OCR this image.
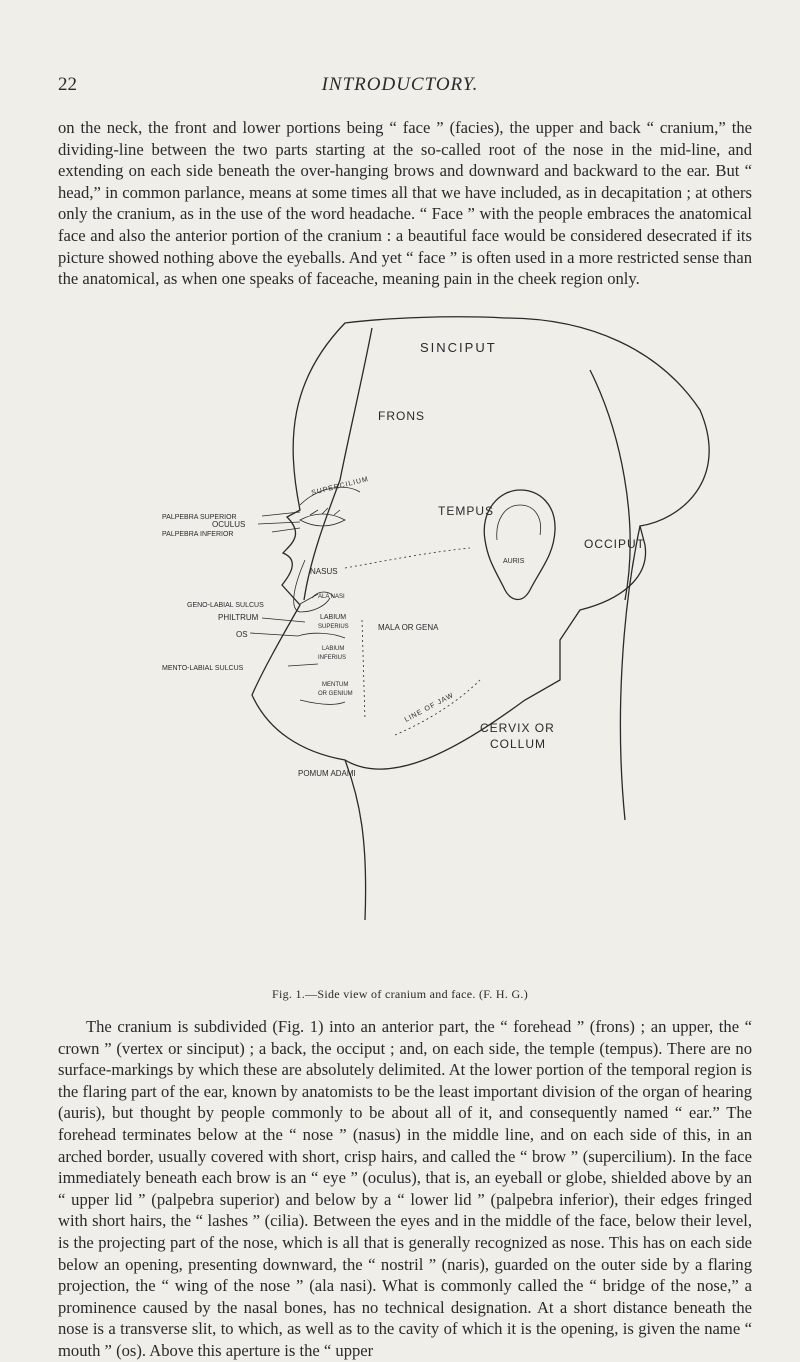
22	INTRODUCTORY.

on the neck, the front and lower portions being “ face ” (facies), the upper and back “ cranium,” the dividing-line between the two parts starting at the so-called root of the nose in the mid-line, and extending on each side beneath the over-hanging brows and downward and backward to the ear. But “ head,” in common parlance, means at some times all that we have included, as in decapitation ; at others only the cranium, as in the use of the word headache. “ Face ” with the people embraces the anatomical face and also the anterior portion of the cranium : a beautiful face would be considered desecrated if its picture showed nothing above the eyeballs. And yet “ face ” is often used in a more restricted sense than the anatomical, as when one speaks of faceache, meaning pain in the cheek region only.

SINCIPUT
FRONS
SUPERCILIUM
PALPEBRA SUPERIOR
OCULUS
PALPEBRA INFERIOR
TEMPUS
OCCIPUT
NASUS
AURIS
ALA NASI
GENO-LABIAL SULCUS
PHILTRUM	LABIUM
SUPERIUS	MALA OR GENA
OS
LABIUM
INFERIUS
MENTO-LABIAL SULCUS
MENTUM
OR GENIUM	LINE OF JAW
CERVIX OR
COLLUM
POMUM ADAMI
Fig. 1.—Side view of cranium and face. (F. H. G.)

The cranium is subdivided (Fig. 1) into an anterior part, the “ forehead ” (frons) ; an upper, the “ crown ” (vertex or sinciput) ; a back, the occiput ; and, on each side, the temple (tempus). There are no surface-markings by which these are absolutely delimited. At the lower portion of the temporal region is the flaring part of the ear, known by anatomists to be the least important division of the organ of hearing (auris), but thought by people commonly to be about all of it, and consequently named “ ear.” The forehead terminates below at the “ nose ” (nasus) in the middle line, and on each side of this, in an arched border, usually covered with short, crisp hairs, and called the “ brow ” (supercilium). In the face immediately beneath each brow is an “ eye ” (oculus), that is, an eyeball or globe, shielded above by an “ upper lid ” (palpebra superior) and below by a “ lower lid ” (palpebra inferior), their edges fringed with short hairs, the “ lashes ” (cilia). Between the eyes and in the middle of the face, below their level, is the projecting part of the nose, which is all that is generally recognized as nose. This has on each side below an opening, presenting downward, the “ nostril ” (naris), guarded on the outer side by a flaring projection, the “ wing of the nose ” (ala nasi). What is commonly called the “ bridge of the nose,” a prominence caused by the nasal bones, has no technical designation. At a short distance beneath the nose is a transverse slit, to which, as well as to the cavity of which it is the opening, is given the name “ mouth ” (os). Above this aperture is the “ upper
